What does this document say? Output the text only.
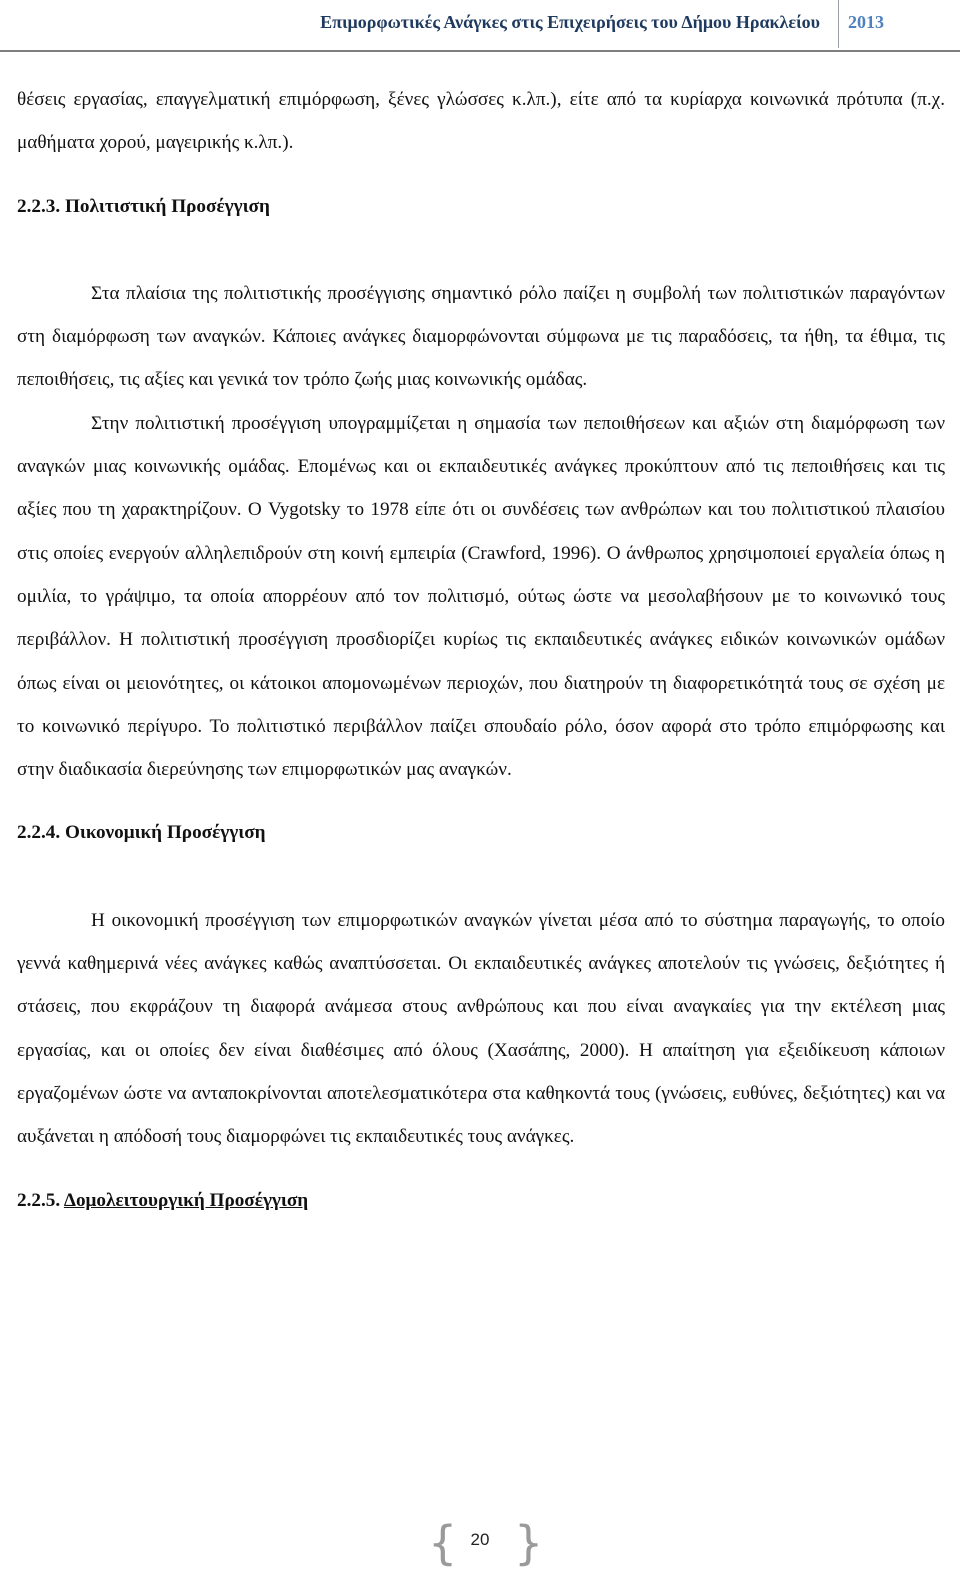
Επιμορφωτικές Ανάγκες στις Επιχειρήσεις του Δήμου Ηρακλείου 2013

θέσεις εργασίας, επαγγελματική επιμόρφωση, ξένες γλώσσες κ.λπ.), είτε από τα κυρίαρχα κοινωνικά πρότυπα (π.χ. μαθήματα χορού, μαγειρικής κ.λπ.).

2.2.3. Πολιτιστική Προσέγγιση

Στα πλαίσια της πολιτιστικής προσέγγισης σημαντικό ρόλο παίζει η συμβολή των πολιτιστικών παραγόντων στη διαμόρφωση των αναγκών. Κάποιες ανάγκες διαμορφώνονται σύμφωνα με τις παραδόσεις, τα ήθη, τα έθιμα, τις πεποιθήσεις, τις αξίες και γενικά τον τρόπο ζωής μιας κοινωνικής ομάδας.

Στην πολιτιστική προσέγγιση υπογραμμίζεται η σημασία των πεποιθήσεων και αξιών στη διαμόρφωση των αναγκών μιας κοινωνικής ομάδας. Επομένως και οι εκπαιδευτικές ανάγκες προκύπτουν από τις πεποιθήσεις και τις αξίες που τη χαρακτηρίζουν. Ο Vygotsky το 1978 είπε ότι οι συνδέσεις των ανθρώπων και του πολιτιστικού πλαισίου στις οποίες ενεργούν αλληλεπιδρούν στη κοινή εμπειρία (Crawford, 1996). Ο άνθρωπος χρησιμοποιεί εργαλεία όπως η ομιλία, το γράψιμο, τα οποία απορρέουν από τον πολιτισμό, ούτως ώστε να μεσολαβήσουν με το κοινωνικό τους περιβάλλον. Η πολιτιστική προσέγγιση προσδιορίζει κυρίως τις εκπαιδευτικές ανάγκες ειδικών κοινωνικών ομάδων όπως είναι οι μειονότητες, οι κάτοικοι απομονωμένων περιοχών, που διατηρούν τη διαφορετικότητά τους σε σχέση με το κοινωνικό περίγυρο. Το πολιτιστικό περιβάλλον παίζει σπουδαίο ρόλο, όσον αφορά στο τρόπο επιμόρφωσης και στην διαδικασία διερεύνησης των επιμορφωτικών μας αναγκών.

2.2.4. Οικονομική Προσέγγιση

Η οικονομική προσέγγιση των επιμορφωτικών αναγκών γίνεται μέσα από το σύστημα παραγωγής, το οποίο γεννά καθημερινά νέες ανάγκες καθώς αναπτύσσεται. Οι εκπαιδευτικές ανάγκες αποτελούν τις γνώσεις, δεξιότητες ή στάσεις, που εκφράζουν τη διαφορά ανάμεσα στους ανθρώπους και που είναι αναγκαίες για την εκτέλεση μιας εργασίας, και οι οποίες δεν είναι διαθέσιμες από όλους (Χασάπης, 2000). Η απαίτηση για εξειδίκευση κάποιων εργαζομένων ώστε να ανταποκρίνονται αποτελεσματικότερα στα καθηκοντά τους (γνώσεις, ευθύνες, δεξιότητες) και να αυξάνεται η απόδοσή τους διαμορφώνει τις εκπαιδευτικές τους ανάγκες.

2.2.5. Δομολειτουργική Προσέγγιση
{ 20 }
